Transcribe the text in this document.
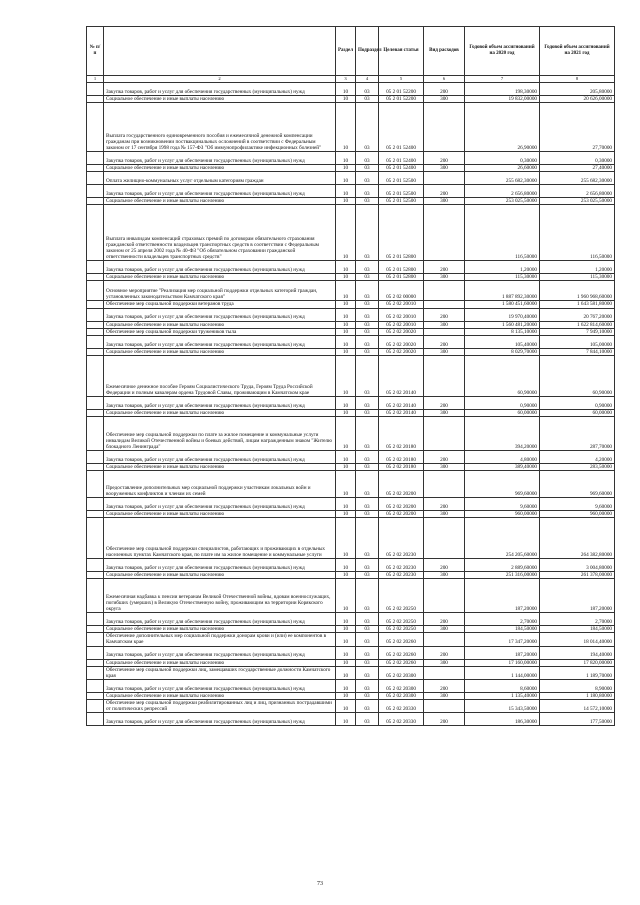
№ п/п		Раздел	Подраздел	Целевая статья	Вид расходов	Годовой объем ассигнований на 2020 год	Годовой объем ассигнований на 2021 год
1	2	3	4	5	6	7	8
	Закупка товаров, работ и услуг для обеспечения государственных (муниципальных) нужд	10	03	05 2 01 52200	200	198,30000	205,80000
	Социальное обеспечение и иные выплаты населению	10	03	05 2 01 52200	300	19 832,00000	20 626,00000
	Выплата государственного единовременного пособия и ежемесячной денежной компенсации гражданам при возникновении поствакцинальных осложнений в соответствии с Федеральным законом от 17 сентября 1998 года № 157-ФЗ "Об иммунопрофилактике инфекционных болезней"	10	03	05 2 01 52400		26,90000	27,70000
	Закупка товаров, работ и услуг для обеспечения государственных (муниципальных) нужд	10	03	05 2 01 52400	200	0,30000	0,30000
	Социальное обеспечение и иные выплаты населению	10	03	05 2 01 52400	300	26,60000	27,40000
	Оплата жилищно-коммунальных услуг отдельным категориям граждан	10	03	05 2 01 52500		255 682,30000	255 682,30000
	Закупка товаров, работ и услуг для обеспечения государственных (муниципальных) нужд	10	03	05 2 01 52500	200	2 656,80000	2 656,80000
	Социальное обеспечение и иные выплаты населению	10	03	05 2 01 52500	300	253 025,50000	253 025,50000
	Выплата инвалидам компенсаций страховых премий по договорам обязательного страхования гражданской ответственности владельцев транспортных средств в соответствии с Федеральным законом от 25 апреля 2002 года № 40-ФЗ "Об обязательном страховании гражданской ответственности владельцев транспортных средств"	10	03	05 2 01 52800		116,50000	116,50000
	Закупка товаров, работ и услуг для обеспечения государственных (муниципальных) нужд	10	03	05 2 01 52800	200	1,20000	1,20000
	Социальное обеспечение и иные выплаты населению	10	03	05 2 01 52800	300	115,30000	115,30000
	Основное мероприятие "Реализация мер социальной поддержки отдельных категорий граждан, установленных законодательством Камчатского края"	10	03	05 2 02 00000		1 887 892,30000	1 960 968,60000
	Обеспечение мер социальной поддержки ветеранов труда	10	03	05 2 02 20010		1 580 451,60000	1 643 581,80000
	Закупка товаров, работ и услуг для обеспечения государственных (муниципальных) нужд	10	03	05 2 02 20010	200	19 970,40000	20 767,20000
	Социальное обеспечение и иные выплаты населению	10	03	05 2 02 20010	300	1 560 481,20000	1 622 814,60000
	Обеспечение мер социальной поддержки тружеников тыла	10	03	05 2 02 20020		8 135,10000	7 949,10000
	Закупка товаров, работ и услуг для обеспечения государственных (муниципальных) нужд	10	03	05 2 02 20020	200	105,40000	105,00000
	Социальное обеспечение и иные выплаты населению	10	03	05 2 02 20020	300	8 029,70000	7 844,10000
	Ежемесячное денежное пособие Героям Социалистического Труда, Героям Труда Российской Федерации и полным кавалерам ордена Трудовой Славы, проживающим в Камчатском крае	10	03	05 2 02 20140		60,90000	60,90000
	Закупка товаров, работ и услуг для обеспечения государственных (муниципальных) нужд	10	03	05 2 02 20140	200	0,90000	0,90000
	Социальное обеспечение и иные выплаты населению	10	03	05 2 02 20140	300	60,00000	60,00000
	Обеспечение мер социальной поддержки по плате за жилое помещение и коммунальные услуги инвалидам Великой Отечественной войны и боевых действий, лицам награжденным знаком "Жителю блокадного Ленинграда"	10	03	05 2 02 20180		394,20000	287,70000
	Закупка товаров, работ и услуг для обеспечения государственных (муниципальных) нужд	10	03	05 2 02 20180	200	4,80000	4,20000
	Социальное обеспечение и иные выплаты населению	10	03	05 2 02 20180	300	389,40000	283,50000
	Предоставление дополнительных мер социальной поддержки участникам локальных войн и вооруженных конфликтов и членам их семей	10	03	05 2 02 20200		969,60000	969,60000
	Закупка товаров, работ и услуг для обеспечения государственных (муниципальных) нужд	10	03	05 2 02 20200	200	9,60000	9,60000
	Социальное обеспечение и иные выплаты населению	10	03	05 2 02 20200	300	960,00000	960,00000
	Обеспечение мер социальной поддержки специалистов, работающих и проживающих в отдельных населенных пунктах Камчатского края, по плате им за жилое помещение и коммунальные услуги	10	03	05 2 02 20230		254 205,60000	264 382,80000
	Закупка товаров, работ и услуг для обеспечения государственных (муниципальных) нужд	10	03	05 2 02 20230	200	2 889,60000	3 004,80000
	Социальное обеспечение и иные выплаты населению	10	03	05 2 02 20230	300	251 316,00000	261 378,00000
	Ежемесячная надбавка к пенсии ветеранам Великой Отечественной войны, вдовам военнослужащих, погибших (умерших) в Великую Отечественную войну, проживающим на территории Корякского округа	10	03	05 2 02 20250		187,20000	187,20000
	Закупка товаров, работ и услуг для обеспечения государственных (муниципальных) нужд	10	03	05 2 02 20250	200	2,70000	2,70000
	Социальное обеспечение и иные выплаты населению	10	03	05 2 02 20250	300	184,50000	184,50000
	Обеспечение дополнительных мер социальной поддержки донорам крови и (или) ее компонентов в Камчатском крае	10	03	05 2 02 20260		17 347,20000	18 014,40000
	Закупка товаров, работ и услуг для обеспечения государственных (муниципальных) нужд	10	03	05 2 02 20260	200	187,20000	194,40000
	Социальное обеспечение и иные выплаты населению	10	03	05 2 02 20260	300	17 160,00000	17 820,00000
	Обеспечение мер социальной поддержки лиц, замещавших государственные должности Камчатского края	10	03	05 2 02 20300		1 144,00000	1 189,70000
	Закупка товаров, работ и услуг для обеспечения государственных (муниципальных) нужд	10	03	05 2 02 20300	200	8,60000	8,90000
	Социальное обеспечение и иные выплаты населению	10	03	05 2 02 20300	300	1 135,40000	1 180,80000
	Обеспечение мер социальной поддержки реабилитированных лиц и лиц, признанных пострадавшими от политических репрессий	10	03	05 2 02 20330		15 343,50000	14 572,10000
	Закупка товаров, работ и услуг для обеспечения государственных (муниципальных) нужд	10	03	05 2 02 20330	200	186,30000	177,50000
73
